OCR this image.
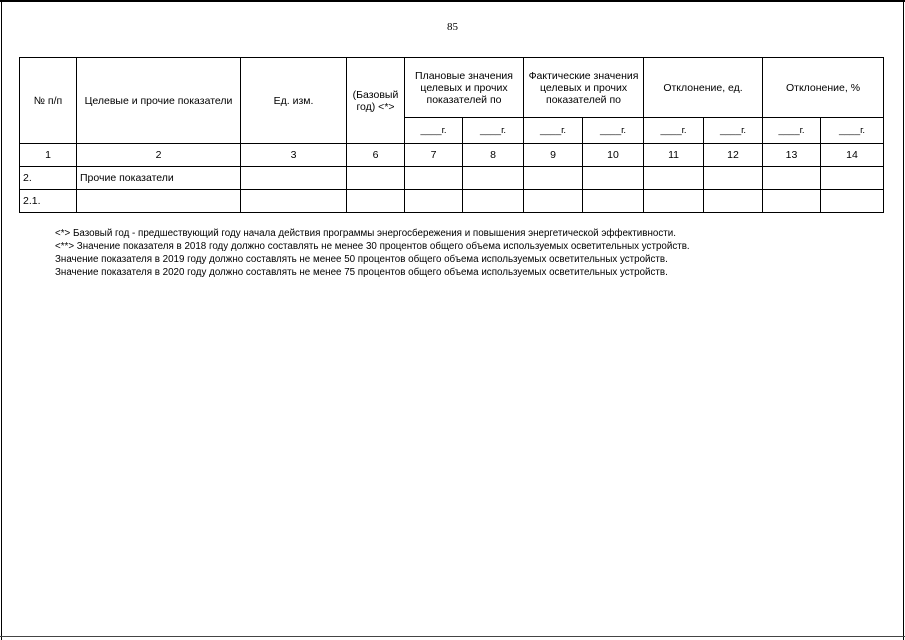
85
№ п/п	Целевые и прочие показатели	Ед. изм.	(Базовый год) <*>	Плановые значения целевых и прочих показателей по		Фактические значения целевых и прочих показателей по		Отклонение, ед.		Отклонение, %	
				____г.	____г.	____г.	____г.	____г.	____г.	____г.	____г.
1	2	3	6	7	8	9	10	11	12	13	14
2.	Прочие показатели										
2.1.											
<*> Базовый год - предшествующий году начала действия программы энергосбережения и повышения энергетической эффективности.
<**> Значение показателя в 2018 году должно составлять не менее 30 процентов общего объема используемых осветительных устройств.
Значение показателя в 2019 году должно составлять не менее 50 процентов общего объема используемых осветительных устройств.
Значение показателя в 2020 году должно составлять не менее 75 процентов общего объема используемых осветительных устройств.
